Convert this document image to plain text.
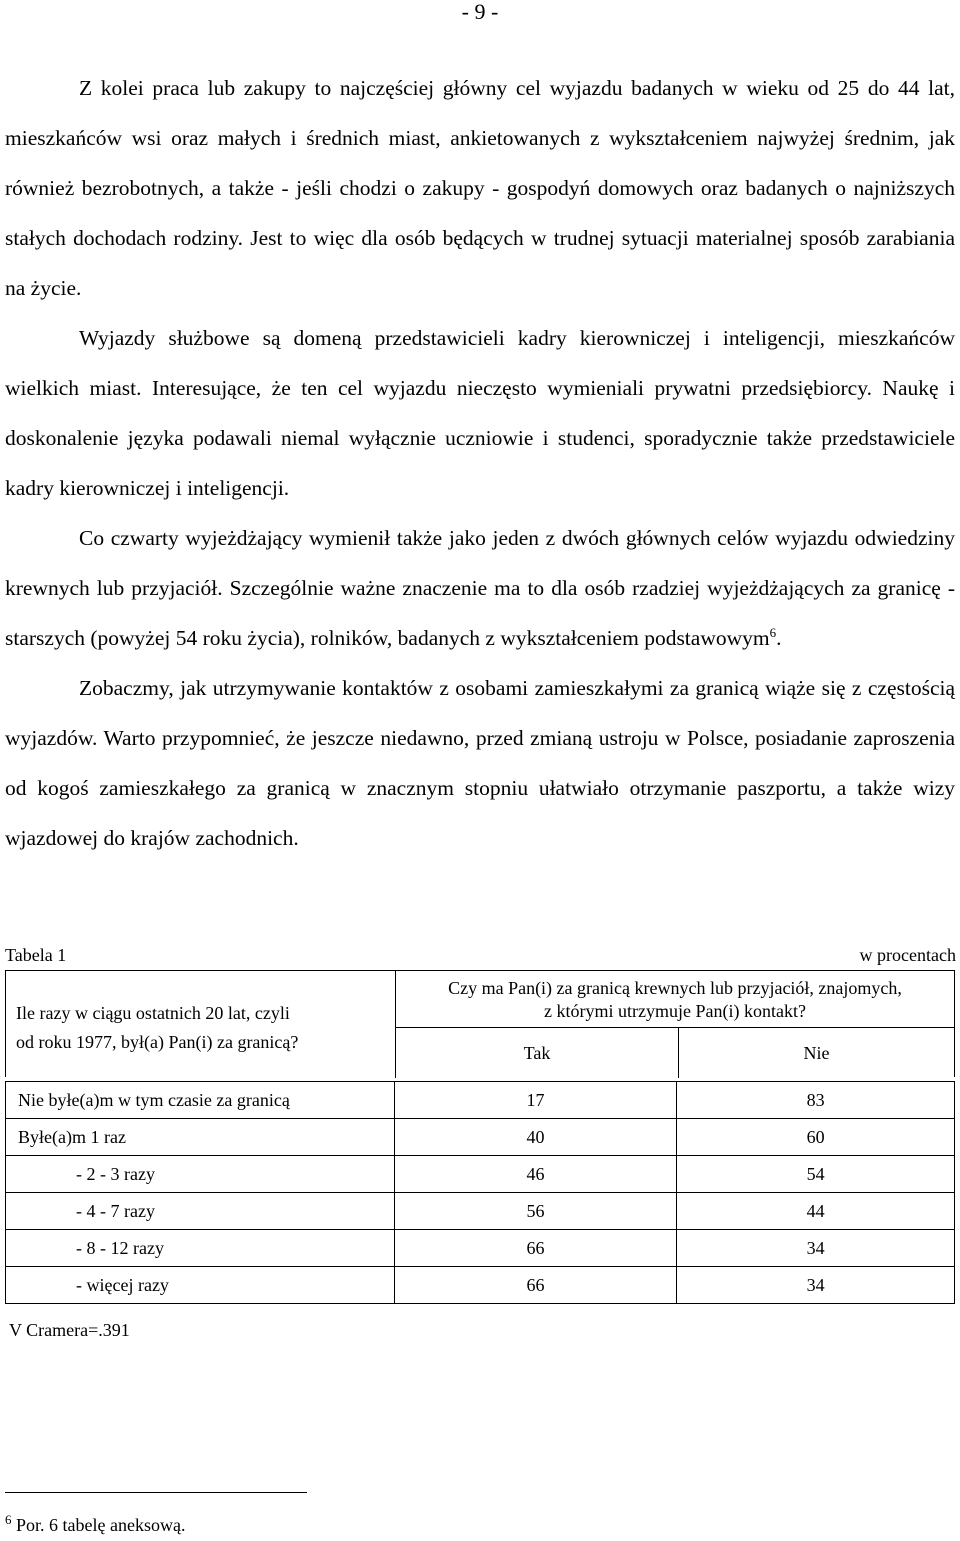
- 9 -

Z kolei praca lub zakupy to najczęściej główny cel wyjazdu badanych w wieku od 25 do 44 lat, mieszkańców wsi oraz małych i średnich miast, ankietowanych z wykształceniem najwyżej średnim, jak również bezrobotnych, a także - jeśli chodzi o zakupy - gospodyń domowych oraz badanych o najniższych stałych dochodach rodziny. Jest to więc dla osób będących w trudnej sytuacji materialnej sposób zarabiania na życie.

Wyjazdy służbowe są domeną przedstawicieli kadry kierowniczej i inteligencji, mieszkańców wielkich miast. Interesujące, że ten cel wyjazdu nieczęsto wymieniali prywatni przedsiębiorcy. Naukę i doskonalenie języka podawali niemal wyłącznie uczniowie i studenci, sporadycznie także przedstawiciele kadry kierowniczej i inteligencji.

Co czwarty wyjeżdżający wymienił także jako jeden z dwóch głównych celów wyjazdu odwiedziny krewnych lub przyjaciół. Szczególnie ważne znaczenie ma to dla osób rzadziej wyjeżdżających za granicę - starszych (powyżej 54 roku życia), rolników, badanych z wykształceniem podstawowym$^6$.

Zobaczmy, jak utrzymywanie kontaktów z osobami zamieszkałymi za granicą wiąże się z częstością wyjazdów. Warto przypomnieć, że jeszcze niedawno, przed zmianą ustroju w Polsce, posiadanie zaproszenia od kogoś zamieszkałego za granicą w znacznym stopniu ułatwiało otrzymanie paszportu, a także wizy wjazdowej do krajów zachodnich.

Tabela 1	w procentach
Ile razy w ciągu ostatnich 20 lat, czyli
od roku 1977, był(a) Pan(i) za granicą?
Czy ma Pan(i) za granicą krewnych lub przyjaciół, znajomych,
z którymi utrzymuje Pan(i) kontakt?
Tak	Nie
Nie byłe(a)m w tym czasie za granicą	17	83
Byłe(a)m 1 raz	40	60
- 2 - 3 razy	46	54
- 4 - 7 razy	56	44
- 8 - 12 razy	66	34
- więcej razy	66	34
V Cramera=.391
$^6$ Por. 6 tabelę aneksową.
